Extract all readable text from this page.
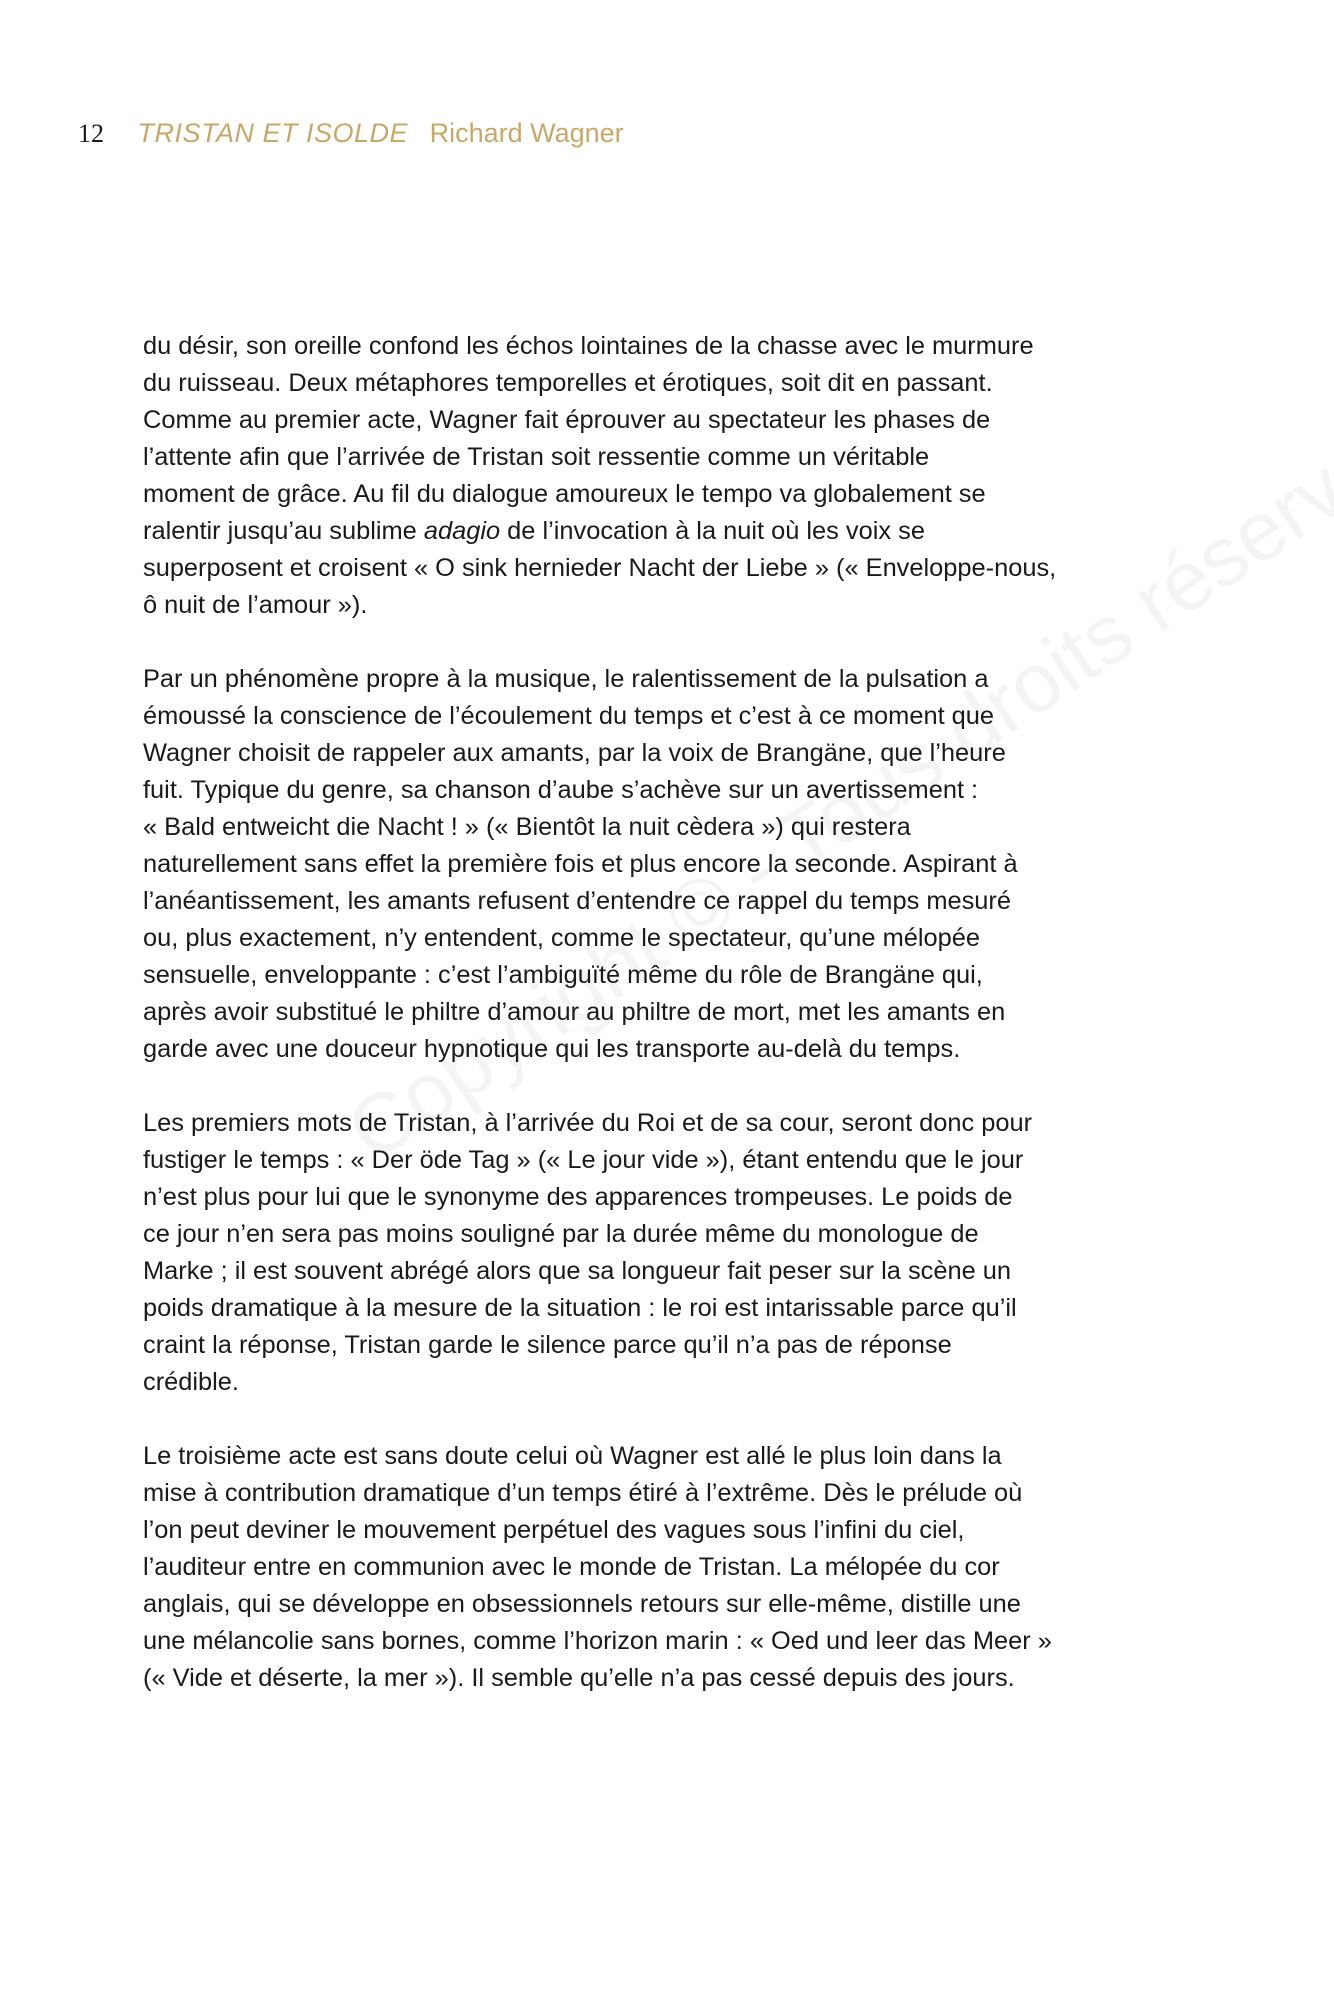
12 TRISTAN ET ISOLDE Richard Wagner

du désir, son oreille confond les échos lointaines de la chasse avec le murmure
du ruisseau. Deux métaphores temporelles et érotiques, soit dit en passant.
Comme au premier acte, Wagner fait éprouver au spectateur les phases de
l’attente afin que l’arrivée de Tristan soit ressentie comme un véritable
moment de grâce. Au fil du dialogue amoureux le tempo va globalement se
ralentir jusqu’au sublime adagio de l’invocation à la nuit où les voix se
superposent et croisent « O sink hernieder Nacht der Liebe » (« Enveloppe-nous,
ô nuit de l’amour »).

Par un phénomène propre à la musique, le ralentissement de la pulsation a
émoussé la conscience de l’écoulement du temps et c’est à ce moment que
Wagner choisit de rappeler aux amants, par la voix de Brangäne, que l’heure
fuit. Typique du genre, sa chanson d’aube s’achève sur un avertissement :
« Bald entweicht die Nacht ! » (« Bientôt la nuit cèdera ») qui restera
naturellement sans effet la première fois et plus encore la seconde. Aspirant à
l’anéantissement, les amants refusent d’entendre ce rappel du temps mesuré
ou, plus exactement, n’y entendent, comme le spectateur, qu’une mélopée
sensuelle, enveloppante : c’est l’ambiguïté même du rôle de Brangäne qui,
après avoir substitué le philtre d’amour au philtre de mort, met les amants en
garde avec une douceur hypnotique qui les transporte au-delà du temps.

Les premiers mots de Tristan, à l’arrivée du Roi et de sa cour, seront donc pour
fustiger le temps : « Der öde Tag » (« Le jour vide »), étant entendu que le jour
n’est plus pour lui que le synonyme des apparences trompeuses. Le poids de
ce jour n’en sera pas moins souligné par la durée même du monologue de
Marke ; il est souvent abrégé alors que sa longueur fait peser sur la scène un
poids dramatique à la mesure de la situation : le roi est intarissable parce qu’il
craint la réponse, Tristan garde le silence parce qu’il n’a pas de réponse
crédible.

Le troisième acte est sans doute celui où Wagner est allé le plus loin dans la
mise à contribution dramatique d’un temps étiré à l’extrême. Dès le prélude où
l’on peut deviner le mouvement perpétuel des vagues sous l’infini du ciel,
l’auditeur entre en communion avec le monde de Tristan. La mélopée du cor
anglais, qui se développe en obsessionnels retours sur elle-même, distille une
une mélancolie sans bornes, comme l’horizon marin : « Oed und leer das Meer »
(« Vide et déserte, la mer »). Il semble qu’elle n’a pas cessé depuis des jours.
